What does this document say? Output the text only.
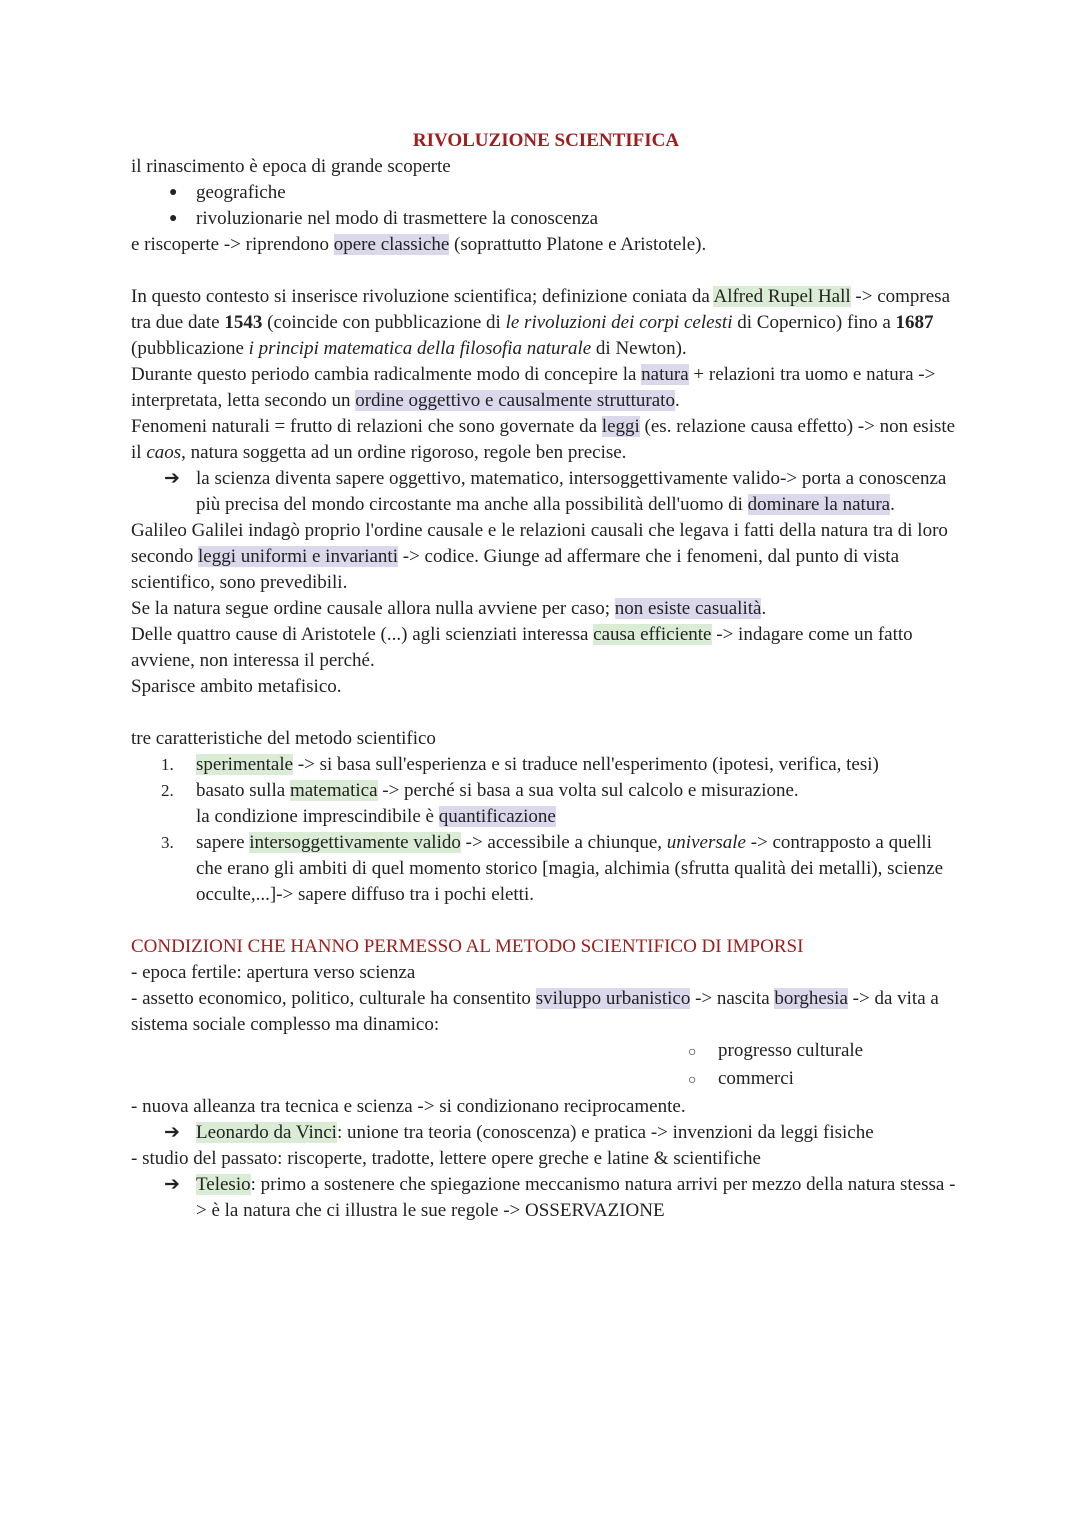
RIVOLUZIONE SCIENTIFICA

il rinascimento è epoca di grande scoperte

● geografiche
● rivoluzionarie nel modo di trasmettere la conoscenza

e riscoperte -> riprendono opere classiche (soprattutto Platone e Aristotele).

In questo contesto si inserisce rivoluzione scientifica; definizione coniata da Alfred Rupel Hall -> compresa tra due date 1543 (coincide con pubblicazione di le rivoluzioni dei corpi celesti di Copernico) fino a 1687 (pubblicazione i principi matematica della filosofia naturale di Newton).

Durante questo periodo cambia radicalmente modo di concepire la natura + relazioni tra uomo e natura -> interpretata, letta secondo un ordine oggettivo e causalmente strutturato.

Fenomeni naturali = frutto di relazioni che sono governate da leggi (es. relazione causa effetto) -> non esiste il caos, natura soggetta ad un ordine rigoroso, regole ben precise.

➔ la scienza diventa sapere oggettivo, matematico, intersoggettivamente valido-> porta a conoscenza più precisa del mondo circostante ma anche alla possibilità dell'uomo di dominare la natura.

Galileo Galilei indagò proprio l'ordine causale e le relazioni causali che legava i fatti della natura tra di loro secondo leggi uniformi e invarianti -> codice. Giunge ad affermare che i fenomeni, dal punto di vista scientifico, sono prevedibili.

Se la natura segue ordine causale allora nulla avviene per caso; non esiste casualità.

Delle quattro cause di Aristotele (...) agli scienziati interessa causa efficiente -> indagare come un fatto avviene, non interessa il perché.

Sparisce ambito metafisico.

tre caratteristiche del metodo scientifico

1. sperimentale -> si basa sull'esperienza e si traduce nell'esperimento (ipotesi, verifica, tesi)
2. basato sulla matematica -> perché si basa a sua volta sul calcolo e misurazione.
la condizione imprescindibile è quantificazione
3. sapere intersoggettivamente valido -> accessibile a chiunque, universale -> contrapposto a quelli che erano gli ambiti di quel momento storico [magia, alchimia (sfrutta qualità dei metalli), scienze occulte,...]-> sapere diffuso tra i pochi eletti.

CONDIZIONI CHE HANNO PERMESSO AL METODO SCIENTIFICO DI IMPORSI

- epoca fertile: apertura verso scienza

- assetto economico, politico, culturale ha consentito sviluppo urbanistico -> nascita borghesia -> da vita a sistema sociale complesso ma dinamico:

○ progresso culturale

○ commerci

- nuova alleanza tra tecnica e scienza -> si condizionano reciprocamente.

➔ Leonardo da Vinci: unione tra teoria (conoscenza) e pratica -> invenzioni da leggi fisiche

- studio del passato: riscoperte, tradotte, lettere opere greche e latine & scientifiche

➔ Telesio: primo a sostenere che spiegazione meccanismo natura arrivi per mezzo della natura stessa -> è la natura che ci illustra le sue regole -> OSSERVAZIONE
